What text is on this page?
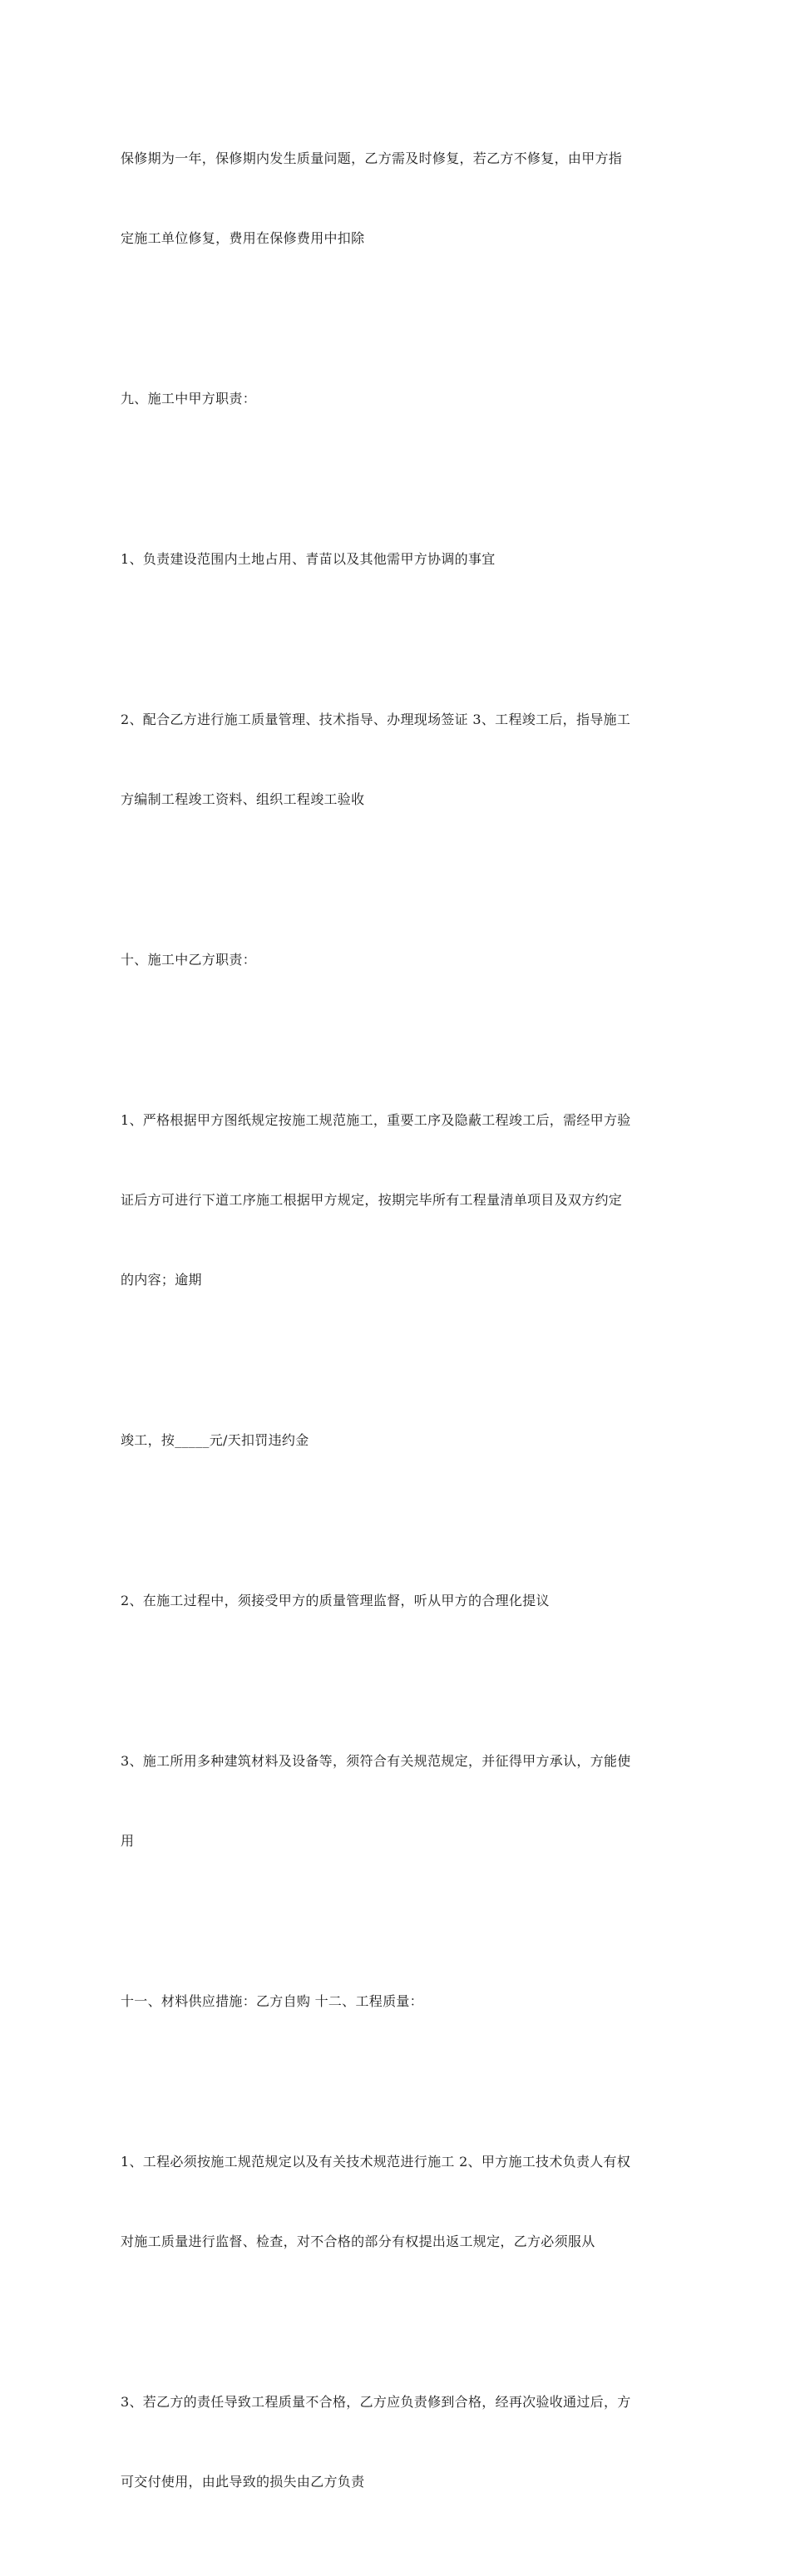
保修期为一年，保修期内发生质量问题，乙方需及时修复，若乙方不修复，由甲方指

定施工单位修复，费用在保修费用中扣除

九、施工中甲方职责：

1、负责建设范围内土地占用、青苗以及其他需甲方协调的事宜

2、配合乙方进行施工质量管理、技术指导、办理现场签证 3、工程竣工后，指导施工

方编制工程竣工资料、组织工程竣工验收

十、施工中乙方职责：

1、严格根据甲方图纸规定按施工规范施工，重要工序及隐蔽工程竣工后，需经甲方验

证后方可进行下道工序施工根据甲方规定，按期完毕所有工程量清单项目及双方约定

的内容；逾期

竣工，按_____元/天扣罚违约金

2、在施工过程中，须接受甲方的质量管理监督，听从甲方的合理化提议

3、施工所用多种建筑材料及设备等，须符合有关规范规定，并征得甲方承认，方能使

用

十一、材料供应措施：乙方自购 十二、工程质量：

1、工程必须按施工规范规定以及有关技术规范进行施工 2、甲方施工技术负责人有权

对施工质量进行监督、检查，对不合格的部分有权提出返工规定，乙方必须服从

3、若乙方的责任导致工程质量不合格，乙方应负责修到合格，经再次验收通过后，方

可交付使用，由此导致的损失由乙方负责
